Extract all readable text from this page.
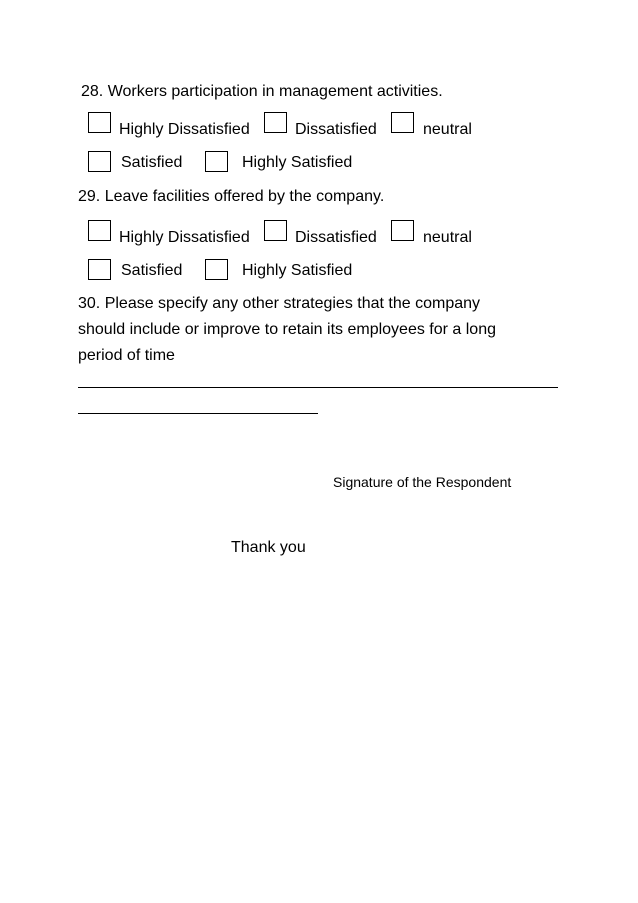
28. Workers participation in management activities.
Highly Dissatisfied	Dissatisfied	neutral
Satisfied	Highly Satisfied
29. Leave facilities offered by the company.
Highly Dissatisfied	Dissatisfied	neutral
Satisfied	Highly Satisfied
30. Please specify any other strategies that the company
should include or improve to retain its employees for a long
period of time
Signature of the Respondent
Thank you
